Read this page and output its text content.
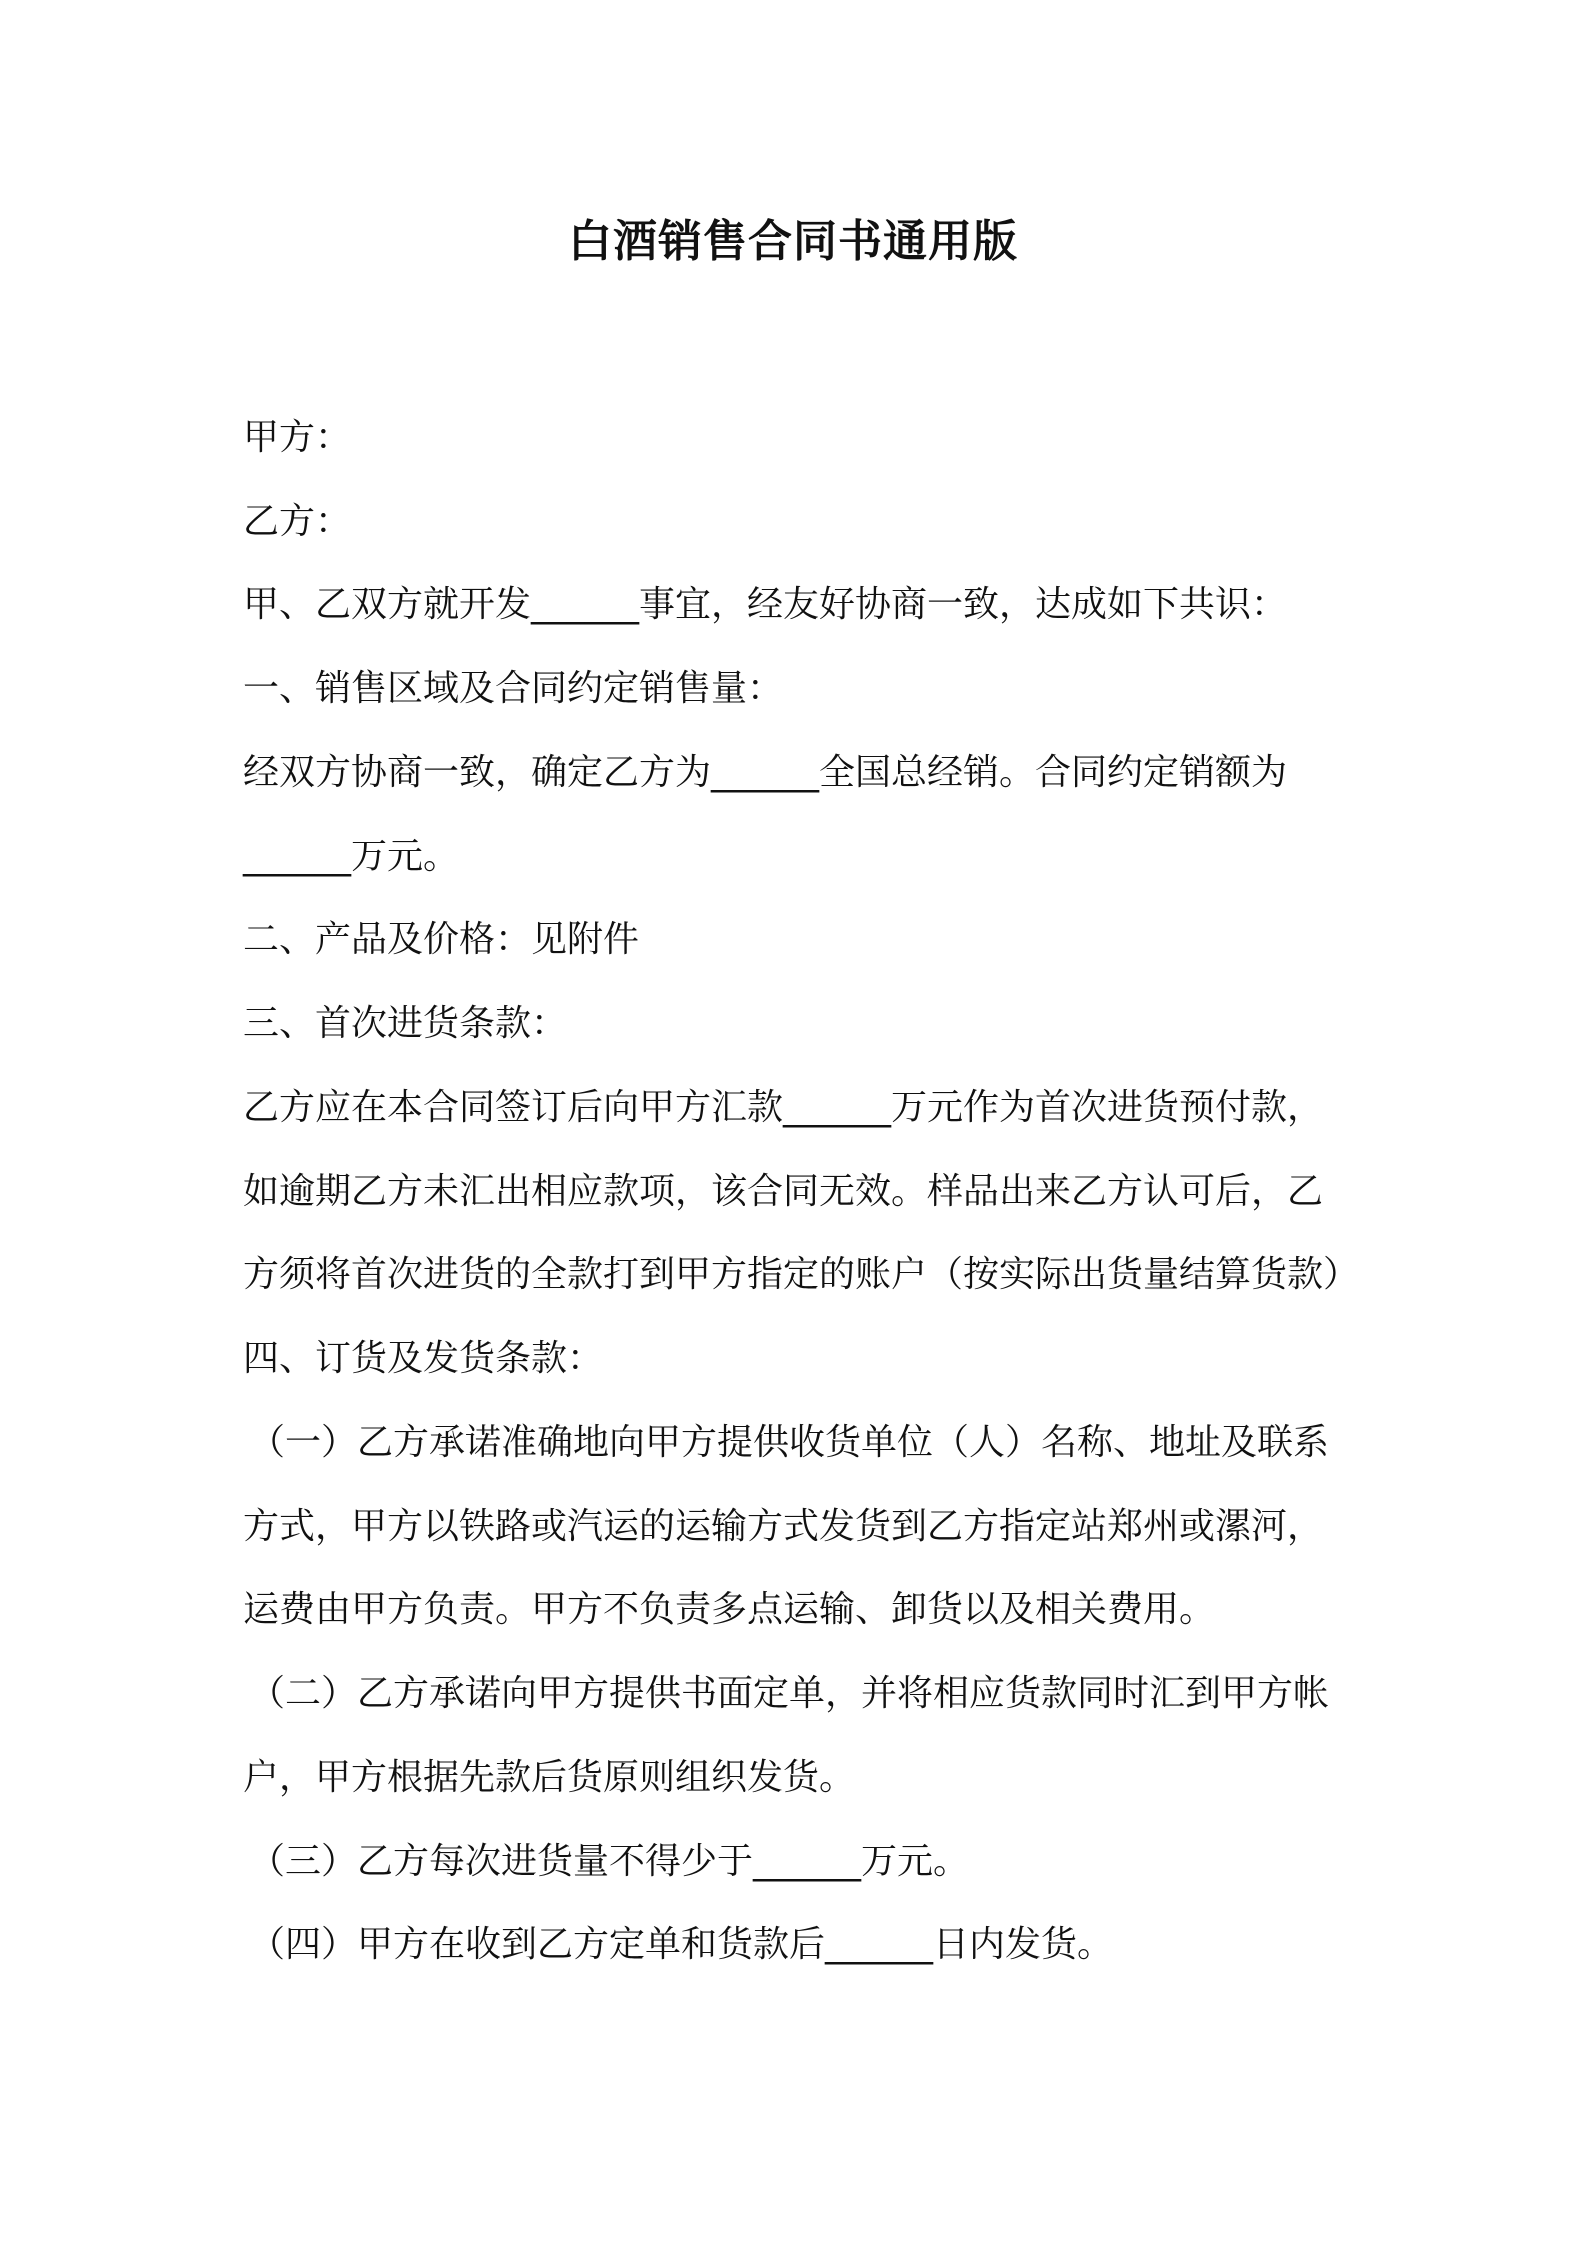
白酒销售合同书通用版
甲方：
乙方：
甲、乙双方就开发______事宜，经友好协商一致，达成如下共识：
一、销售区域及合同约定销售量：
经双方协商一致，确定乙方为______全国总经销。合同约定销额为
______万元。
二、产品及价格：见附件
三、首次进货条款：
乙方应在本合同签订后向甲方汇款______万元作为首次进货预付款，
如逾期乙方未汇出相应款项，该合同无效。样品出来乙方认可后，乙
方须将首次进货的全款打到甲方指定的账户（按实际出货量结算货款）
四、订货及发货条款：
（一）乙方承诺准确地向甲方提供收货单位（人）名称、地址及联系
方式，甲方以铁路或汽运的运输方式发货到乙方指定站郑州或漯河，
运费由甲方负责。甲方不负责多点运输、卸货以及相关费用。
（二）乙方承诺向甲方提供书面定单，并将相应货款同时汇到甲方帐
户，甲方根据先款后货原则组织发货。
（三）乙方每次进货量不得少于______万元。
（四）甲方在收到乙方定单和货款后______日内发货。
